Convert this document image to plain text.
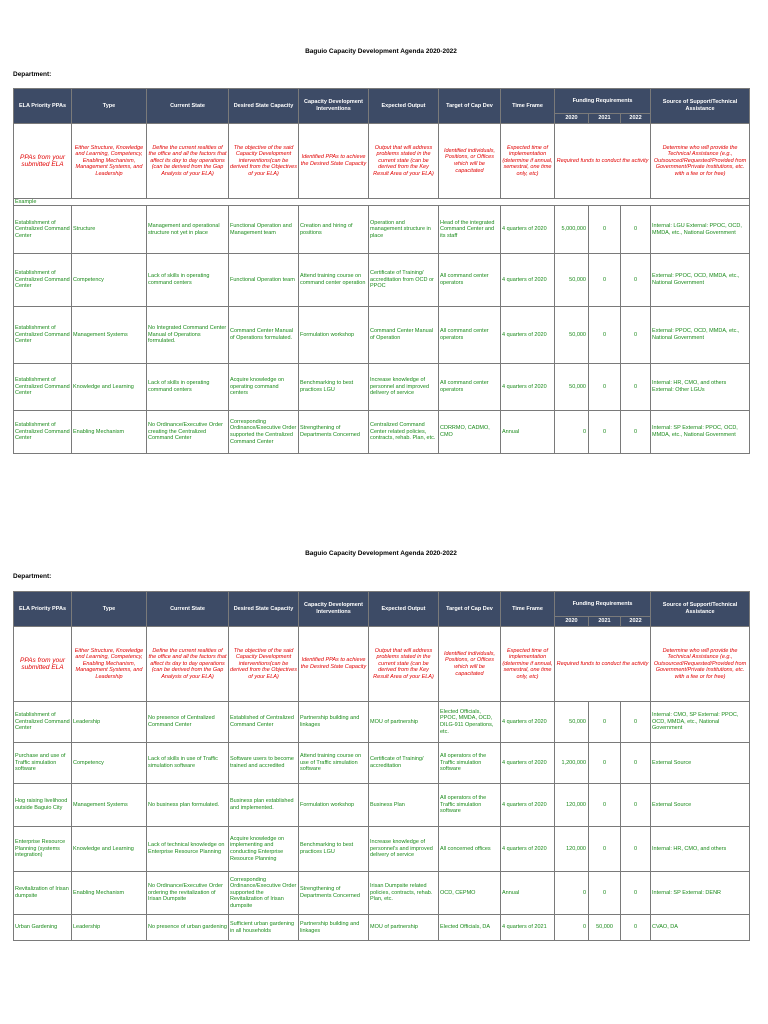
Baguio Capacity Development Agenda 2020-2022
Department:
ELA Priority PPAs	Type	Current State	Desired State Capacity	Capacity Development Interventions	Expected Output	Target of Cap Dev	Time Frame	Funding Requirements			Source of Support/Technical Assistance
								2020	2021	2022	
PPAs from your submitted ELA	Either Structure, Knowledge and Learning, Competency, Enabling Mechanism, Management Systems, and Leadership	Define the current realities of the office and all the factors that affect its day to day operations (can be derived from the Gap Analysis of your ELA)	The objective of the said Capacity Development interventions(can be derived from the Objectives of your ELA)	Identified PPAs to achieve the Desired State Capacity	Output that will address problems stated in the current state (can be derived from the Key Result Area of your ELA)	Identified individuals, Positions, or Offices which will be capacitated	Expected time of implementation (determine if annual, semestral, one time only, etc)	Required funds to conduct the activity			Determine who will provide the Technical Assistance (e.g., Outsourced/Requested/Provided from Government/Private Institutions, etc. with a fee or for free)
Example											
Establishment of Centralized Command Center	Structure	Management and operational structure not yet in place	Functional Operation and Management team	Creation and hiring of positions	Operation and management structure in place	Head of the integrated Command Center and its staff	4 quarters of 2020	5,000,000	0	0	Internal: LGU External: PPOC, OCD, MMDA, etc., National Government
Establishment of Centralized Command Center	Competency	Lack of skills in operating command centers	Functional Operation team	Attend training course on command center operation	Certificate of Training/ accreditation from OCD or PPOC	All command center operators	4 quarters of 2020	50,000	0	0	External: PPOC, OCD, MMDA, etc., National Government
Establishment of Centralized Command Center	Management Systems	No Integrated Command Center Manual of Operations formulated.	Command Center Manual of Operations formulated.	Formulation workshop	Command Center Manual of Operation	All command center operators	4 quarters of 2020	50,000	0	0	External: PPOC, OCD, MMDA, etc., National Government
Establishment of Centralized Command Center	Knowledge and Learning	Lack of skills in operating command centers	Acquire knowledge on operating command centers	Benchmarking to best practices LGU	Increase knowledge of personnel and improved delivery of service	All command center operators	4 quarters of 2020	50,000	0	0	Internal: HR, CMO, and others External: Other LGUs
Establishment of Centralized Command Center	Enabling Mechanism	No Ordinance/Executive Order creating the Centralized Command Center	Corresponding Ordinance/Executive Order supported the Centralized Command Center	Strengthening of Departments Concerned	Centralized Command Center related policies, contracts, rehab. Plan, etc.	CDRRMO, CADMO, CMO	Annual	0	0	0	Internal: SP External: PPOC, OCD, MMDA, etc., National Government
Baguio Capacity Development Agenda 2020-2022
Department:
ELA Priority PPAs	Type	Current State	Desired State Capacity	Capacity Development Interventions	Expected Output	Target of Cap Dev	Time Frame	Funding Requirements			Source of Support/Technical Assistance
								2020	2021	2022	
PPAs from your submitted ELA	Either Structure, Knowledge and Learning, Competency, Enabling Mechanism, Management Systems, and Leadership	Define the current realities of the office and all the factors that affect its day to day operations (can be derived from the Gap Analysis of your ELA)	The objective of the said Capacity Development interventions(can be derived from the Objectives of your ELA)	Identified PPAs to achieve the Desired State Capacity	Output that will address problems stated in the current state (can be derived from the Key Result Area of your ELA)	Identified individuals, Positions, or Offices which will be capacitated	Expected time of implementation (determine if annual, semestral, one time only, etc)	Required funds to conduct the activity			Determine who will provide the Technical Assistance (e.g., Outsourced/Requested/Provided from Government/Private Institutions, etc. with a fee or for free)
Establishment of Centralized Command Center	Leadership	No presence of Centralized Command Center	Established of Centralized Command Center	Partnership building and linkages	MOU of partnership	Elected Officials, PPOC, MMDA, OCD, DILG-911 Operations, etc.	4 quarters of 2020	50,000	0	0	Internal: CMO, SP External: PPOC, OCD, MMDA, etc., National Government
Purchase and use of Traffic simulation software	Competency	Lack of skills in use of Traffic simulation software	Software users to become trained and accredited	Attend training course on use of Traffic simulation software	Certificate of Training/ accreditation	All operators of the Traffic simulation software	4 quarters of 2020	1,200,000	0	0	External Source
Hog raising livelihood outside Baguio City	Management Systems	No business plan formulated.	Business plan established and implemented.	Formulation workshop	Business Plan	All operators of the Traffic simulation software	4 quarters of 2020	120,000	0	0	External Source
Enterprise Resource Planning (systems integration)	Knowledge and Learning	Lack of technical knowledge on Enterprise Resource Planning	Acquire knowledge on implementing and conducting Enterprise Resource Planning	Benchmarking to best practices LGU	Increase knowledge of personnel's and improved delivery of service	All concerned offices	4 quarters of 2020	120,000	0	0	Internal: HR, CMO, and others
Revitalization of Irisan dumpsite	Enabling Mechanism	No Ordinance/Executive Order ordering the revitalization of Irisan Dumpsite	Corresponding Ordinance/Executive Order supported the Revitalization of Irisan dumpsite	Strengthening of Departments Concerned	Irisan Dumpsite related policies, contracts, rehab. Plan, etc.	OCD, CEPMO	Annual	0	0	0	Internal: SP External: DENR
Urban Gardening	Leadership	No presence of urban gardening	Sufficient urban gardening in all households	Partnership building and linkages	MOU of partnership	Elected Officials, DA	4 quarters of 2021	0	50,000	0	CVAO, DA
